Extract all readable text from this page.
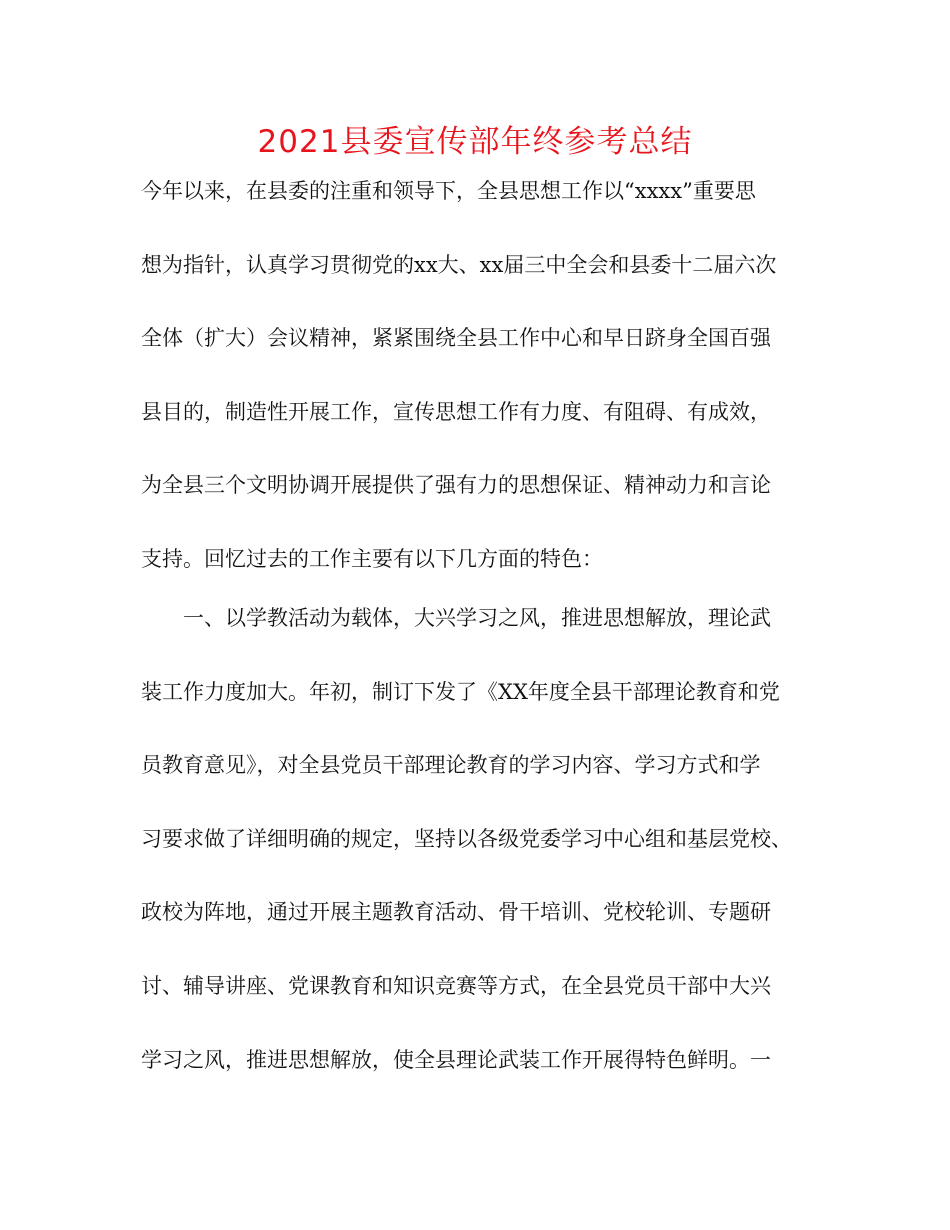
2021县委宣传部年终参考总结
今年以来，在县委的注重和领导下，全县思想工作以“xxxx”重要思
想为指针，认真学习贯彻党的xx大、xx届三中全会和县委十二届六次
全体（扩大）会议精神，紧紧围绕全县工作中心和早日跻身全国百强
县目的，制造性开展工作，宣传思想工作有力度、有阻碍、有成效，
为全县三个文明协调开展提供了强有力的思想保证、精神动力和言论
支持。回忆过去的工作主要有以下几方面的特色：
一、以学教活动为载体，大兴学习之风，推进思想解放，理论武
装工作力度加大。年初，制订下发了《XX年度全县干部理论教育和党
员教育意见》，对全县党员干部理论教育的学习内容、学习方式和学
习要求做了详细明确的规定，坚持以各级党委学习中心组和基层党校、
政校为阵地，通过开展主题教育活动、骨干培训、党校轮训、专题研
讨、辅导讲座、党课教育和知识竞赛等方式，在全县党员干部中大兴
学习之风，推进思想解放，使全县理论武装工作开展得特色鲜明。一
